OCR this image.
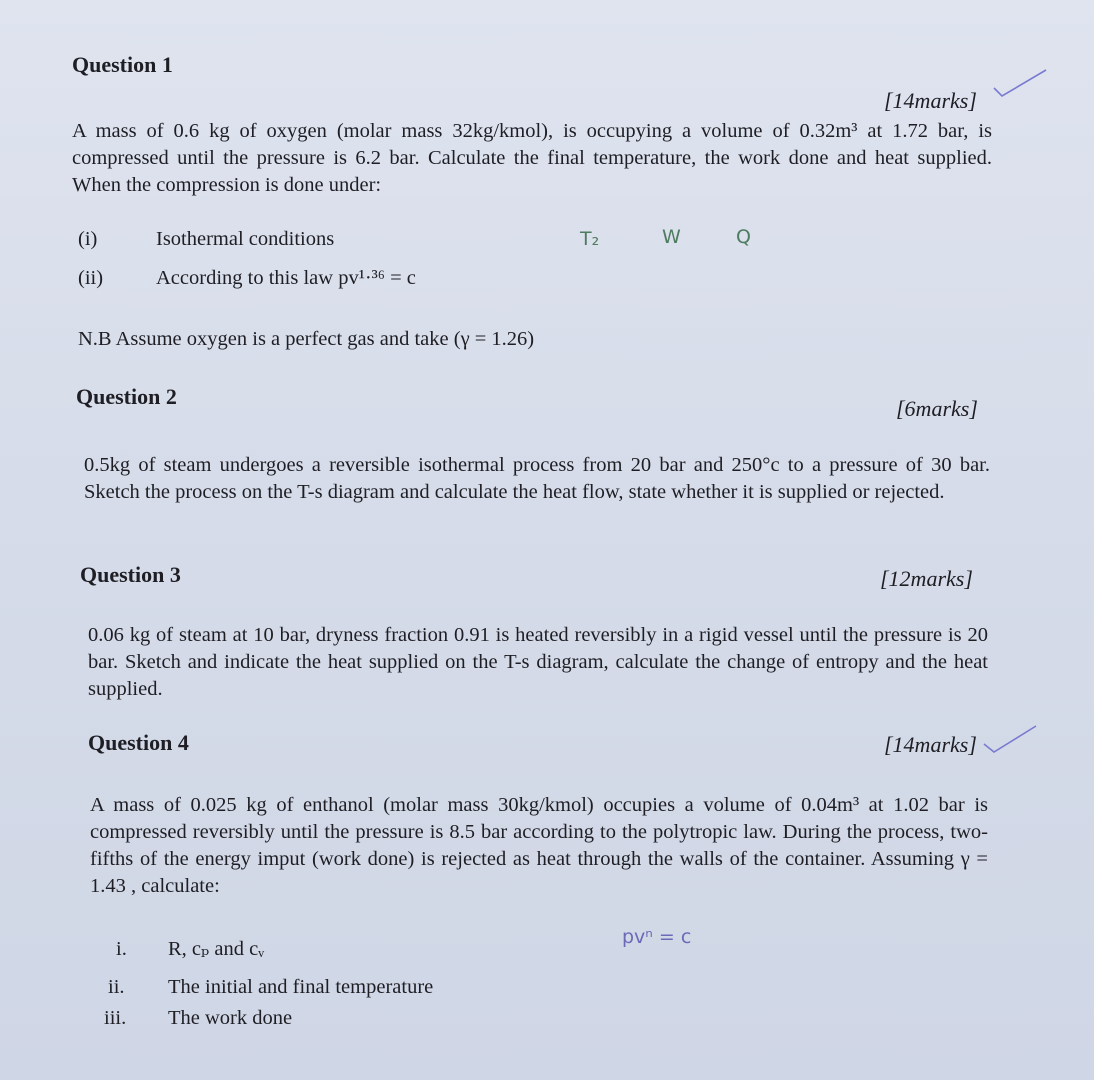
Question 1
[14marks]
A mass of 0.6 kg of oxygen (molar mass 32kg/kmol), is occupying a volume of 0.32m³ at 1.72 bar, is compressed until the pressure is 6.2 bar. Calculate the final temperature, the work done and heat supplied. When the compression is done under:
(i)	Isothermal conditions
(ii)	According to this law pv¹·³⁶ = c
T₂	W	Q
N.B Assume oxygen is a perfect gas and take (γ = 1.26)
Question 2	[6marks]
0.5kg of steam undergoes a reversible isothermal process from 20 bar and 250°c to a pressure of 30 bar. Sketch the process on the T-s diagram and calculate the heat flow, state whether it is supplied or rejected.
Question 3	[12marks]
0.06 kg of steam at 10 bar, dryness fraction 0.91 is heated reversibly in a rigid vessel until the pressure is 20 bar. Sketch and indicate the heat supplied on the T-s diagram, calculate the change of entropy and the heat supplied.
Question 4	[14marks]
A mass of 0.025 kg of enthanol (molar mass 30kg/kmol) occupies a volume of 0.04m³ at 1.02 bar is compressed reversibly until the pressure is 8.5 bar according to the polytropic law. During the process, two-fifths of the energy imput (work done) is rejected as heat through the walls of the container. Assuming γ = 1.43 , calculate:
i. R, cₚ and cᵥ
ii. The initial and final temperature
iii. The work done
pvⁿ = c
